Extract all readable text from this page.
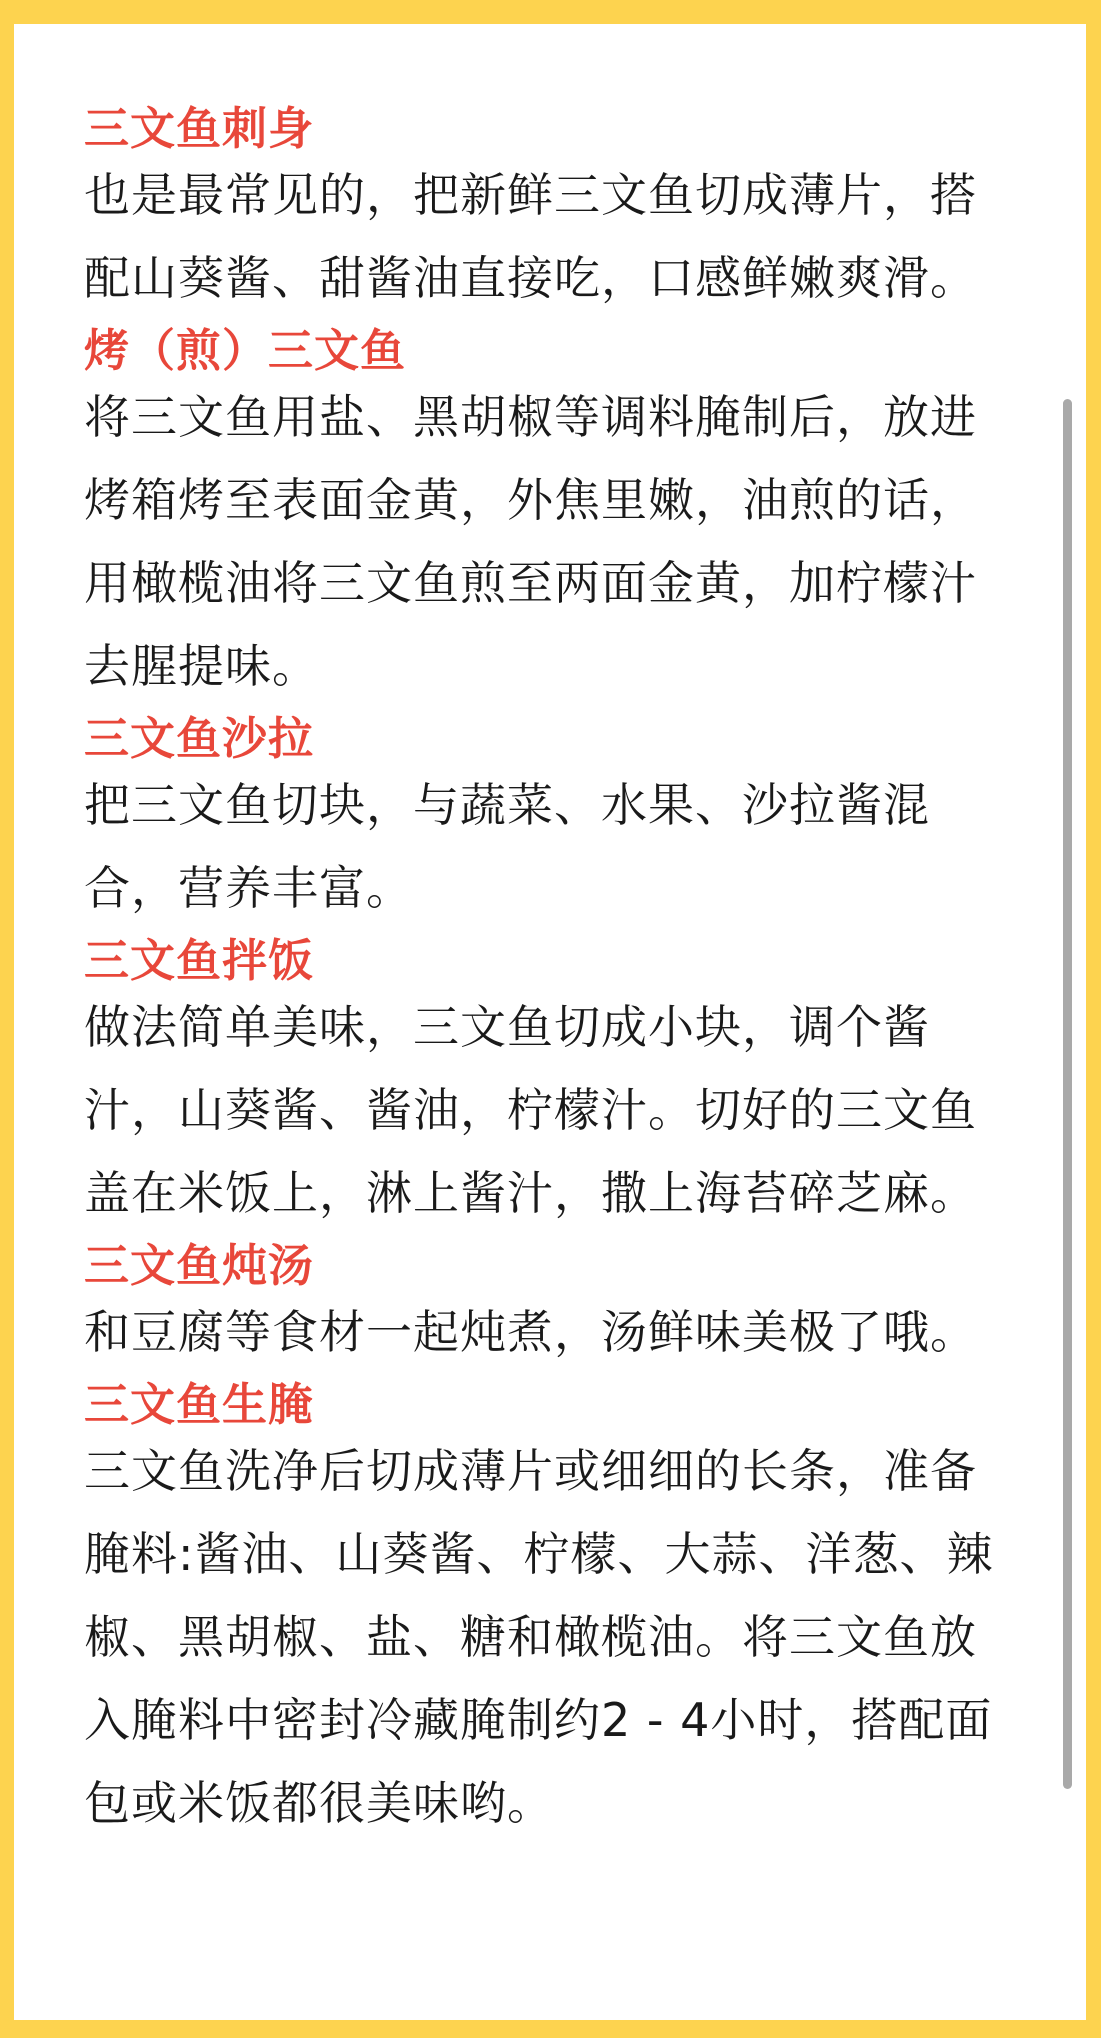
三文鱼刺身
也是最常见的，把新鲜三文鱼切成薄片，搭
配山葵酱、甜酱油直接吃，口感鲜嫩爽滑。
烤（煎）三文鱼
将三文鱼用盐、黑胡椒等调料腌制后，放进
烤箱烤至表面金黄，外焦里嫩，油煎的话，
用橄榄油将三文鱼煎至两面金黄，加柠檬汁
去腥提味。
三文鱼沙拉
把三文鱼切块，与蔬菜、水果、沙拉酱混
合，营养丰富。
三文鱼拌饭
做法简单美味，三文鱼切成小块，调个酱
汁，山葵酱、酱油，柠檬汁。切好的三文鱼
盖在米饭上，淋上酱汁，撒上海苔碎芝麻。
三文鱼炖汤
和豆腐等食材一起炖煮，汤鲜味美极了哦。
三文鱼生腌
三文鱼洗净后切成薄片或细细的长条，准备
腌料:酱油、山葵酱、柠檬、大蒜、洋葱、辣
椒、黑胡椒、盐、糖和橄榄油。将三文鱼放
入腌料中密封冷藏腌制约2 - 4小时，搭配面
包或米饭都很美味哟。
